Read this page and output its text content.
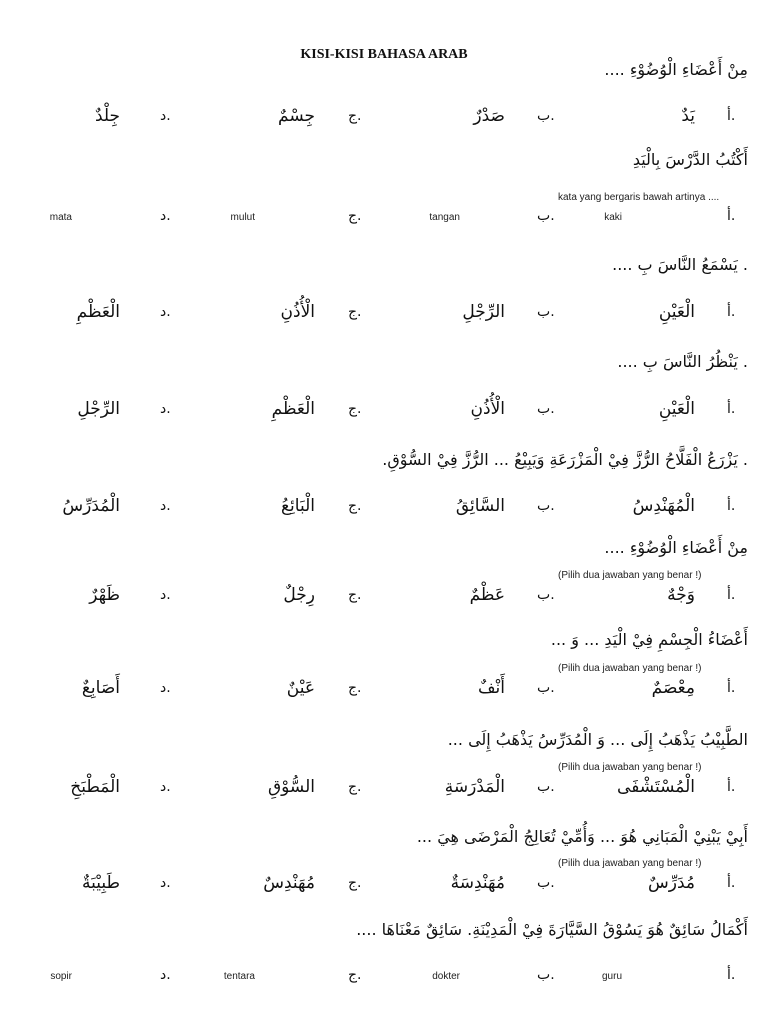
KISI-KISI BAHASA ARAB
مِنْ أَعْضَاءِ الْوُضُوْءِ ....
أ.
يَدٌ
ب.
صَدْرٌ
ج.
جِسْمٌ
د.
جِلْدٌ
أَكْتُبُ الدَّرْسَ بِالْيَدِ
kata yang bergaris bawah artinya ....
أ.
kaki
ب.
tangan
ج.
mulut
د.
mata
. يَسْمَعُ النَّاسَ بِ ....
أ.
الْعَيْنِ
ب.
الرِّجْلِ
ج.
الْأُذُنِ
د.
الْعَظْمِ
. يَنْظُرُ النَّاسَ بِ ....
أ.
الْعَيْنِ
ب.
الْأُذُنِ
ج.
الْعَظْمِ
د.
الرِّجْلِ
. يَزْرَعُ الْفَلَّاحُ الرُّزَّ فِيْ الْمَزْرَعَةِ وَيَبِيْعُ ... الرُّزَّ فِيْ السُّوْقِ.
أ.
الْمُهَنْدِسُ
ب.
السَّائِقُ
ج.
الْبَائِعُ
د.
الْمُدَرِّسُ
مِنْ أَعْضَاءِ الْوُضُوْءِ ....
(Pilih dua jawaban yang benar !)
أ.
وَجْهٌ
ب.
عَظْمٌ
ج.
رِجْلٌ
د.
ظَهْرٌ
أَعْضَاءُ الْجِسْمِ فِيْ الْيَدِ ... وَ ...
(Pilih dua jawaban yang benar !)
أ.
مِعْصَمٌ
ب.
أَنْفٌ
ج.
عَيْنٌ
د.
أَصَابِعٌ
الطَّبِيْبُ يَذْهَبُ إِلَى ... وَ الْمُدَرِّسُ يَذْهَبُ إِلَى ...
(Pilih dua jawaban yang benar !)
أ.
الْمُسْتَشْفَى
ب.
الْمَدْرَسَةِ
ج.
السُّوْقِ
د.
الْمَطْبَخِ
أَبِيْ يَبْنِيْ الْمَبَانِي هُوَ ... وَأُمِّيْ تُعَالِجُ الْمَرْضَى هِيَ ...
(Pilih dua jawaban yang benar !)
أ.
مُدَرِّسٌ
ب.
مُهَنْدِسَةٌ
ج.
مُهَنْدِسٌ
د.
طَبِيْبَةٌ
أَكْمَالُ سَائِقٌ هُوَ يَسُوْقُ السَّيَّارَةَ فِيْ الْمَدِيْنَةِ. سَائِقٌ مَعْنَاهَا ....
أ.
guru
ب.
dokter
ج.
tentara
د.
sopir
